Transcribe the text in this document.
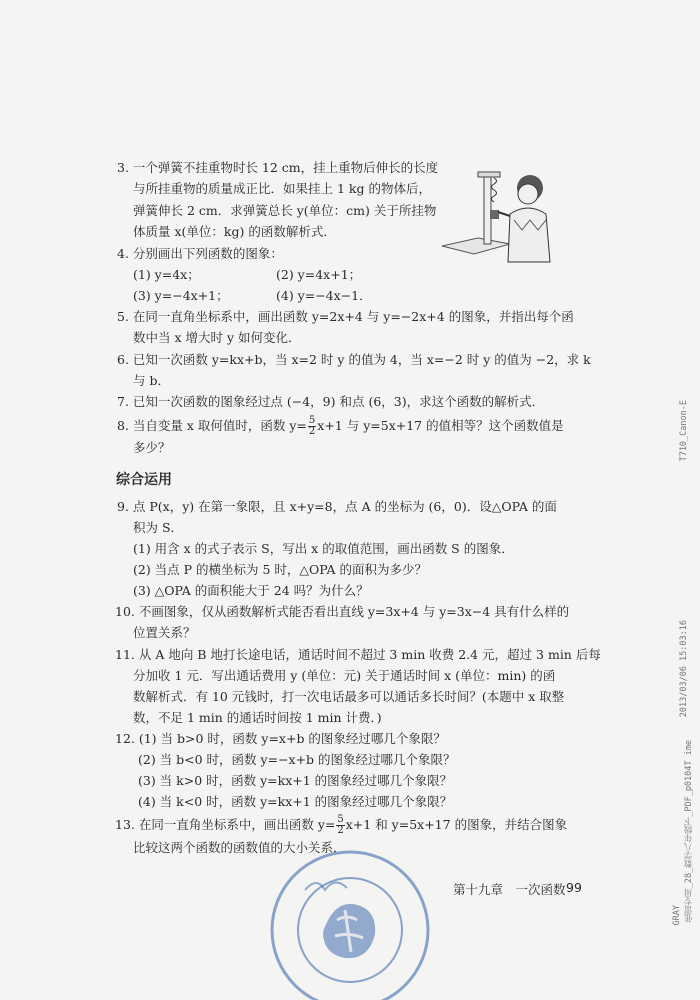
3. 一个弹簧不挂重物时长 12 cm，挂上重物后伸长的长度
与所挂重物的质量成正比．如果挂上 1 kg 的物体后，
弹簧伸长 2 cm．求弹簧总长 y(单位：cm) 关于所挂物
体质量 x(单位：kg) 的函数解析式．
4. 分别画出下列函数的图象：
(1) y=4x；	(2) y=4x+1；
(3) y=−4x+1；	(4) y=−4x−1．
5. 在同一直角坐标系中，画出函数 y=2x+4 与 y=−2x+4 的图象，并指出每个函
数中当 x 增大时 y 如何变化．
6. 已知一次函数 y=kx+b，当 x=2 时 y 的值为 4，当 x=−2 时 y 的值为 −2，求 k
与 b．
7. 已知一次函数的图象经过点 (−4，9) 和点 (6，3)，求这个函数的解析式．
8. 当自变量 x 取何值时，函数 $y= \frac{5}{2} x+1$ 与 y=5x+17 的值相等？这个函数值是
多少？
综合运用
9. 点 P(x，y) 在第一象限，且 x+y=8，点 A 的坐标为 (6，0)．设△OPA 的面
积为 S．
(1) 用含 x 的式子表示 S，写出 x 的取值范围，画出函数 S 的图象．
(2) 当点 P 的横坐标为 5 时，△OPA 的面积为多少？
(3) △OPA 的面积能大于 24 吗？为什么？
10. 不画图象，仅从函数解析式能否看出直线 y=3x+4 与 y=3x−4 具有什么样的
位置关系？
11. 从 A 地向 B 地打长途电话，通话时间不超过 3 min 收费 2.4 元，超过 3 min 后每
分加收 1 元．写出通话费用 y (单位：元) 关于通话时间 x (单位：min) 的函
数解析式．有 10 元钱时，打一次电话最多可以通话多长时间？(本题中 x 取整
数，不足 1 min 的通话时间按 1 min 计费．)
12. (1) 当 b>0 时，函数 y=x+b 的图象经过哪几个象限？
(2) 当 b<0 时，函数 y=−x+b 的图象经过哪几个象限？
(3) 当 k>0 时，函数 y=kx+1 的图象经过哪几个象限？
(4) 当 k<0 时，函数 y=kx+1 的图象经过哪几个象限？
13. 在同一直角坐标系中，画出函数 $y= \frac{5}{2} x+1$ 和 y=5x+17 的图象，并结合图象
比较这两个函数的函数值的大小关系．
第十九章　一次函数 99
T710_Canon-E
2013/03/06 15:03:16
张雷专用_28_数学八年级下_PDF_p0104T ime
GRAY
